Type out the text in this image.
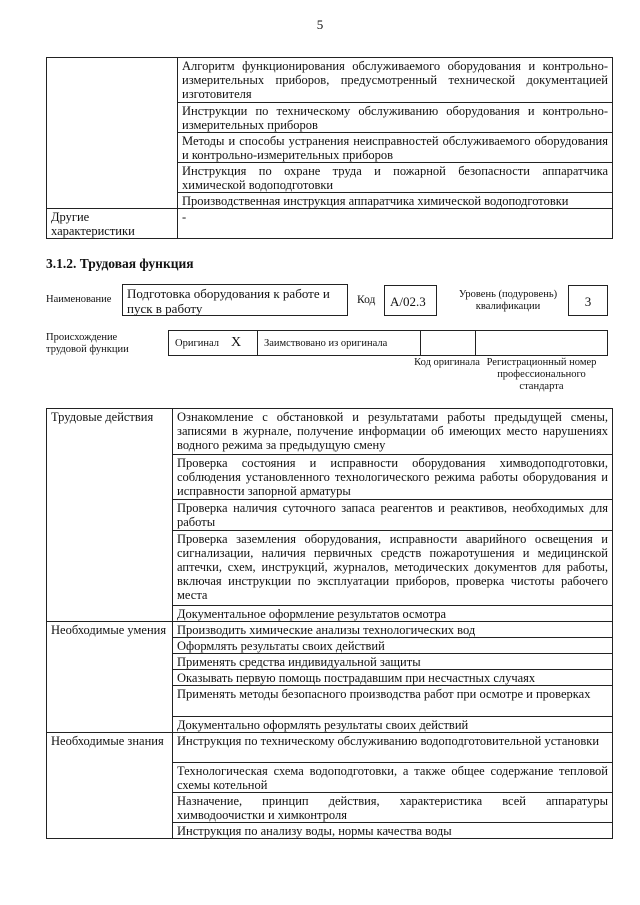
5
	Алгоритм функционирования обслуживаемого оборудования и контрольно-измерительных приборов, предусмотренный технической документацией изготовителя
	Инструкции по техническому обслуживанию оборудования и контрольно-измерительных приборов
	Методы и способы устранения неисправностей обслуживаемого оборудования и контрольно-измерительных приборов
	Инструкция по охране труда и пожарной безопасности аппаратчика химической водоподготовки
	Производственная инструкция аппаратчика химической водоподготовки
Другие характеристики	-
3.1.2. Трудовая функция
Наименование	Подготовка оборудования к работе и пуск в работу
Код	А/02.3	Уровень (подуровень) квалификации	3
Происхождение трудовой функции
Оригинал X Заимствовано из оригинала
Код оригинала Регистрационный номер профессионального стандарта
Трудовые действия	Ознакомление с обстановкой и результатами работы предыдущей смены, записями в журнале, получение информации об имеющих место нарушениях водного режима за предыдущую смену
	Проверка состояния и исправности оборудования химводоподготовки, соблюдения установленного технологического режима работы оборудования и исправности запорной арматуры
	Проверка наличия суточного запаса реагентов и реактивов, необходимых для работы
	Проверка заземления оборудования, исправности аварийного освещения и сигнализации, наличия первичных средств пожаротушения и медицинской аптечки, схем, инструкций, журналов, методических документов для работы, включая инструкции по эксплуатации приборов, проверка чистоты рабочего места
	Документальное оформление результатов осмотра
Необходимые умения	Производить химические анализы технологических вод
	Оформлять результаты своих действий
	Применять средства индивидуальной защиты
	Оказывать первую помощь пострадавшим при несчастных случаях
	Применять методы безопасного производства работ при осмотре и проверках
	Документально оформлять результаты своих действий
Необходимые знания	Инструкция по техническому обслуживанию водоподготовительной установки
	Технологическая схема водоподготовки, а также общее содержание тепловой схемы котельной
	Назначение, принцип действия, характеристика всей аппаратуры химводоочистки и химконтроля
	Инструкция по анализу воды, нормы качества воды
